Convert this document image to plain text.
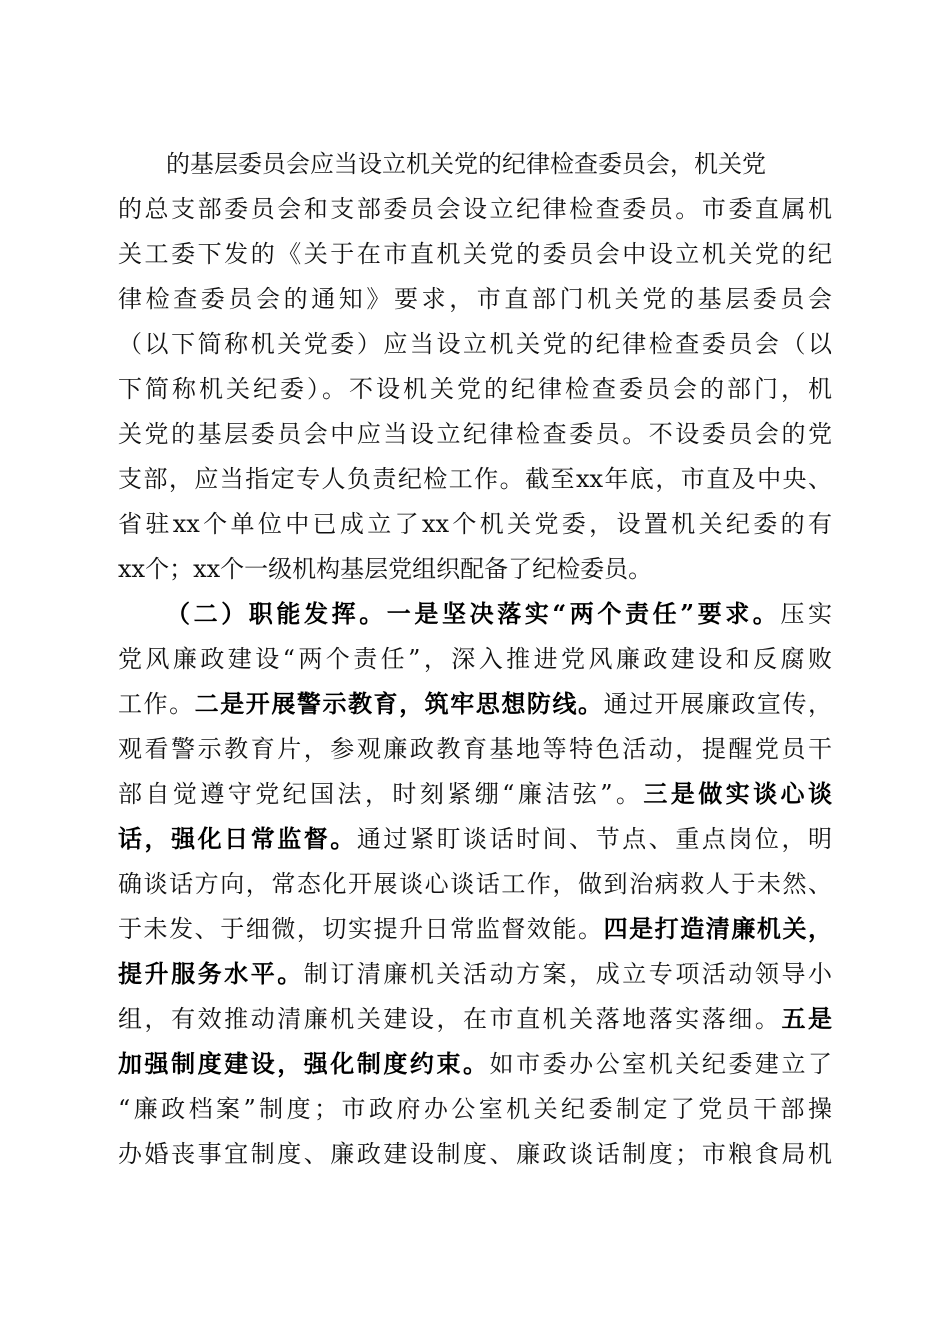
的基层委员会应当设立机关党的纪律检查委员会，机关党

的总支部委员会和支部委员会设立纪律检查委员。市委直属机

关工委下发的《关于在市直机关党的委员会中设立机关党的纪

律检查委员会的通知》要求，市直部门机关党的基层委员会

（以下简称机关党委）应当设立机关党的纪律检查委员会（以

下简称机关纪委）。不设机关党的纪律检查委员会的部门，机

关党的基层委员会中应当设立纪律检查委员。不设委员会的党

支部，应当指定专人负责纪检工作。截至xx年底，市直及中央、

省驻xx个单位中已成立了xx个机关党委，设置机关纪委的有

xx个；xx个一级机构基层党组织配备了纪检委员。

（二）职能发挥。一是坚决落实“两个责任”要求。压实

党风廉政建设“两个责任”，深入推进党风廉政建设和反腐败

工作。二是开展警示教育，筑牢思想防线。通过开展廉政宣传，

观看警示教育片，参观廉政教育基地等特色活动，提醒党员干

部自觉遵守党纪国法，时刻紧绷“廉洁弦”。三是做实谈心谈

话，强化日常监督。通过紧盯谈话时间、节点、重点岗位，明

确谈话方向，常态化开展谈心谈话工作，做到治病救人于未然、

于未发、于细微，切实提升日常监督效能。四是打造清廉机关，

提升服务水平。制订清廉机关活动方案，成立专项活动领导小

组，有效推动清廉机关建设，在市直机关落地落实落细。五是

加强制度建设，强化制度约束。如市委办公室机关纪委建立了

“廉政档案”制度；市政府办公室机关纪委制定了党员干部操

办婚丧事宜制度、廉政建设制度、廉政谈话制度；市粮食局机
